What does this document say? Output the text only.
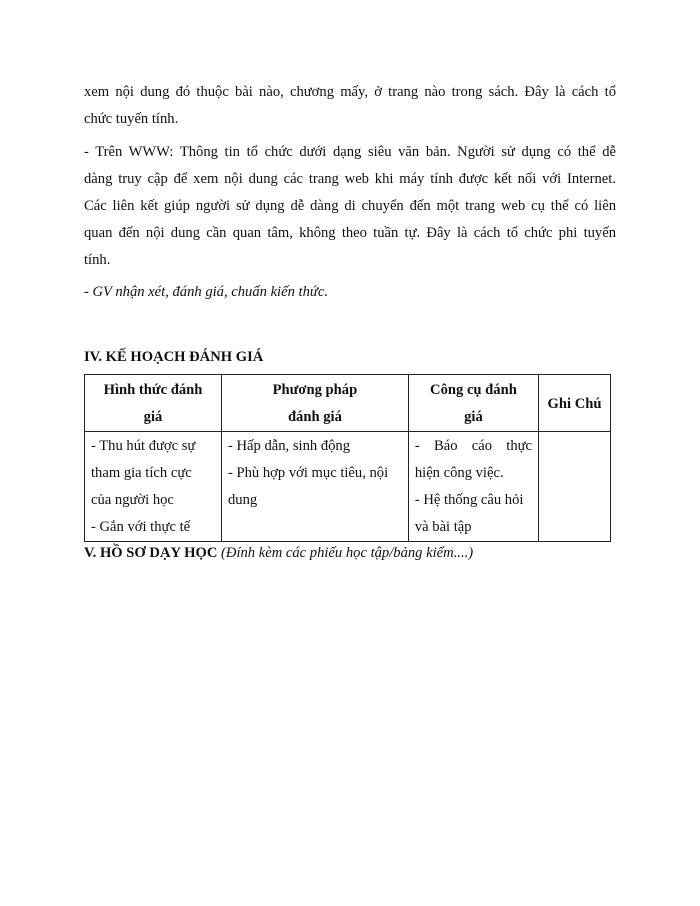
xem nội dung đó thuộc bài nào, chương mấy, ở trang nào trong sách. Đây là cách tổ
chức tuyến tính.

- Trên WWW: Thông tin tổ chức dưới dạng siêu văn bản. Người sử dụng có thể dễ
dàng truy cập để xem nội dung các trang web khi máy tính được kết nối với Internet.
Các liên kết giúp người sử dụng dễ dàng di chuyển đến một trang web cụ thể có liên
quan đến nội dung cần quan tâm, không theo tuần tự. Đây là cách tổ chức phi tuyến
tính.

- GV nhận xét, đánh giá, chuẩn kiến thức.
IV. KẾ HOẠCH ĐÁNH GIÁ
Hình thức đánh
giá	Phương pháp
đánh giá	Công cụ đánh
giá	Ghi Chú

- Thu hút được sự
tham gia tích cực
của người học
- Gắn với thực tế	- Hấp dẫn, sinh động
- Phù hợp với mục tiêu, nội
dung	- Báo cáo thực
hiện công việc.
- Hệ thống câu hỏi
và bài tập	

V. HỒ SƠ DẠY HỌC (Đính kèm các phiếu học tập/bảng kiểm....)
